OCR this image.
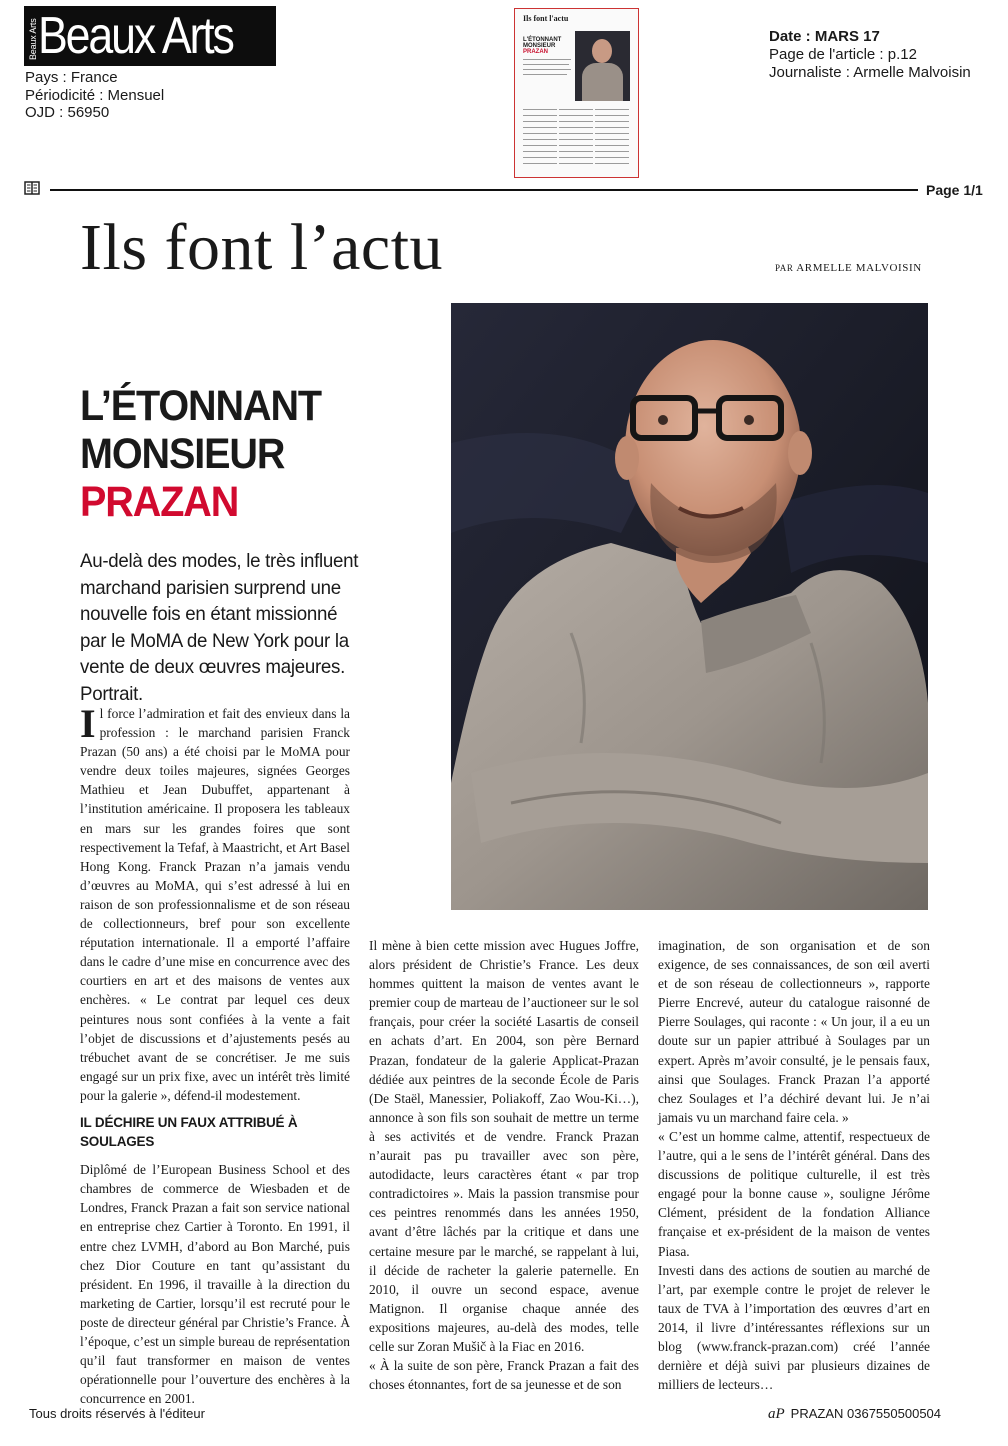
Beaux Arts Beaux Arts
Pays : France
Périodicité : Mensuel
OJD : 56950
Ils font l'actu
L'ÉTONNANT
MONSIEUR
PRAZAN
Date : MARS 17
Page de l'article : p.12
Journaliste : Armelle Malvoisin
Page 1/1
Ils font l’actu	PAR ARMELLE MALVOISIN
L’ÉTONNANT
MONSIEUR
PRAZAN
Au-delà des modes, le très influent marchand parisien surprend une nouvelle fois en étant missionné par le MoMA de New York pour la vente de deux œuvres majeures. Portrait.

Il force l’admiration et fait des envieux dans la profession : le marchand parisien Franck Prazan (50 ans) a été choisi par le MoMA pour vendre deux toiles majeures, signées Georges Mathieu et Jean Dubuffet, appartenant à l’institution américaine. Il proposera les tableaux en mars sur les grandes foires que sont respectivement la Tefaf, à Maastricht, et Art Basel Hong Kong. Franck Prazan n’a jamais vendu d’œuvres au MoMA, qui s’est adressé à lui en raison de son professionnalisme et de son réseau de collectionneurs, bref pour son excellente réputation internationale. Il a emporté l’affaire dans le cadre d’une mise en concurrence avec des courtiers en art et des maisons de ventes aux enchères. « Le contrat par lequel ces deux peintures nous sont confiées à la vente a fait l’objet de discussions et d’ajustements pesés au trébuchet avant de se concrétiser. Je me suis engagé sur un prix fixe, avec un intérêt très limité pour la galerie », défend-il modestement.

IL DÉCHIRE UN FAUX ATTRIBUÉ À SOULAGES

Diplômé de l’European Business School et des chambres de commerce de Wiesbaden et de Londres, Franck Prazan a fait son service national en entreprise chez Cartier à Toronto. En 1991, il entre chez LVMH, d’abord au Bon Marché, puis chez Dior Couture en tant qu’assistant du président. En 1996, il travaille à la direction du marketing de Cartier, lorsqu’il est recruté pour le poste de directeur général par Christie’s France. À l’époque, c’est un simple bureau de représentation qu’il faut transformer en maison de ventes opérationnelle pour l’ouverture des enchères à la concurrence en 2001.

Il mène à bien cette mission avec Hugues Joffre, alors président de Christie’s France. Les deux hommes quittent la maison de ventes avant le premier coup de marteau de l’auctioneer sur le sol français, pour créer la société Lasartis de conseil en achats d’art. En 2004, son père Bernard Prazan, fondateur de la galerie Applicat-Prazan dédiée aux peintres de la seconde École de Paris (De Staël, Manessier, Poliakoff, Zao Wou-Ki…), annonce à son fils son souhait de mettre un terme à ses activités et de vendre. Franck Prazan n’aurait pas pu travailler avec son père, autodidacte, leurs caractères étant « par trop contradictoires ». Mais la passion transmise pour ces peintres renommés dans les années 1950, avant d’être lâchés par la critique et dans une certaine mesure par le marché, se rappelant à lui, il décide de racheter la galerie paternelle. En 2010, il ouvre un second espace, avenue Matignon. Il organise chaque année des expositions majeures, au-delà des modes, telle celle sur Zoran Mušič à la Fiac en 2016.

« À la suite de son père, Franck Prazan a fait des choses étonnantes, fort de sa jeunesse et de son

imagination, de son organisation et de son exigence, de ses connaissances, de son œil averti et de son réseau de collectionneurs », rapporte Pierre Encrevé, auteur du catalogue raisonné de Pierre Soulages, qui raconte : « Un jour, il a eu un doute sur un papier attribué à Soulages par un expert. Après m’avoir consulté, je le pensais faux, ainsi que Soulages. Franck Prazan l’a apporté chez Soulages et l’a déchiré devant lui. Je n’ai jamais vu un marchand faire cela. »

« C’est un homme calme, attentif, respectueux de l’autre, qui a le sens de l’intérêt général. Dans des discussions de politique culturelle, il est très engagé pour la bonne cause », souligne Jérôme Clément, président de la fondation Alliance française et ex-président de la maison de ventes Piasa.

Investi dans des actions de soutien au marché de l’art, par exemple contre le projet de relever le taux de TVA à l’importation des œuvres d’art en 2014, il livre d’intéressantes réflexions sur un blog (www.franck-prazan.com) créé l’année dernière et déjà suivi par plusieurs dizaines de milliers de lecteurs…

Tous droits réservés à l'éditeur	aP PRAZAN 0367550500504
